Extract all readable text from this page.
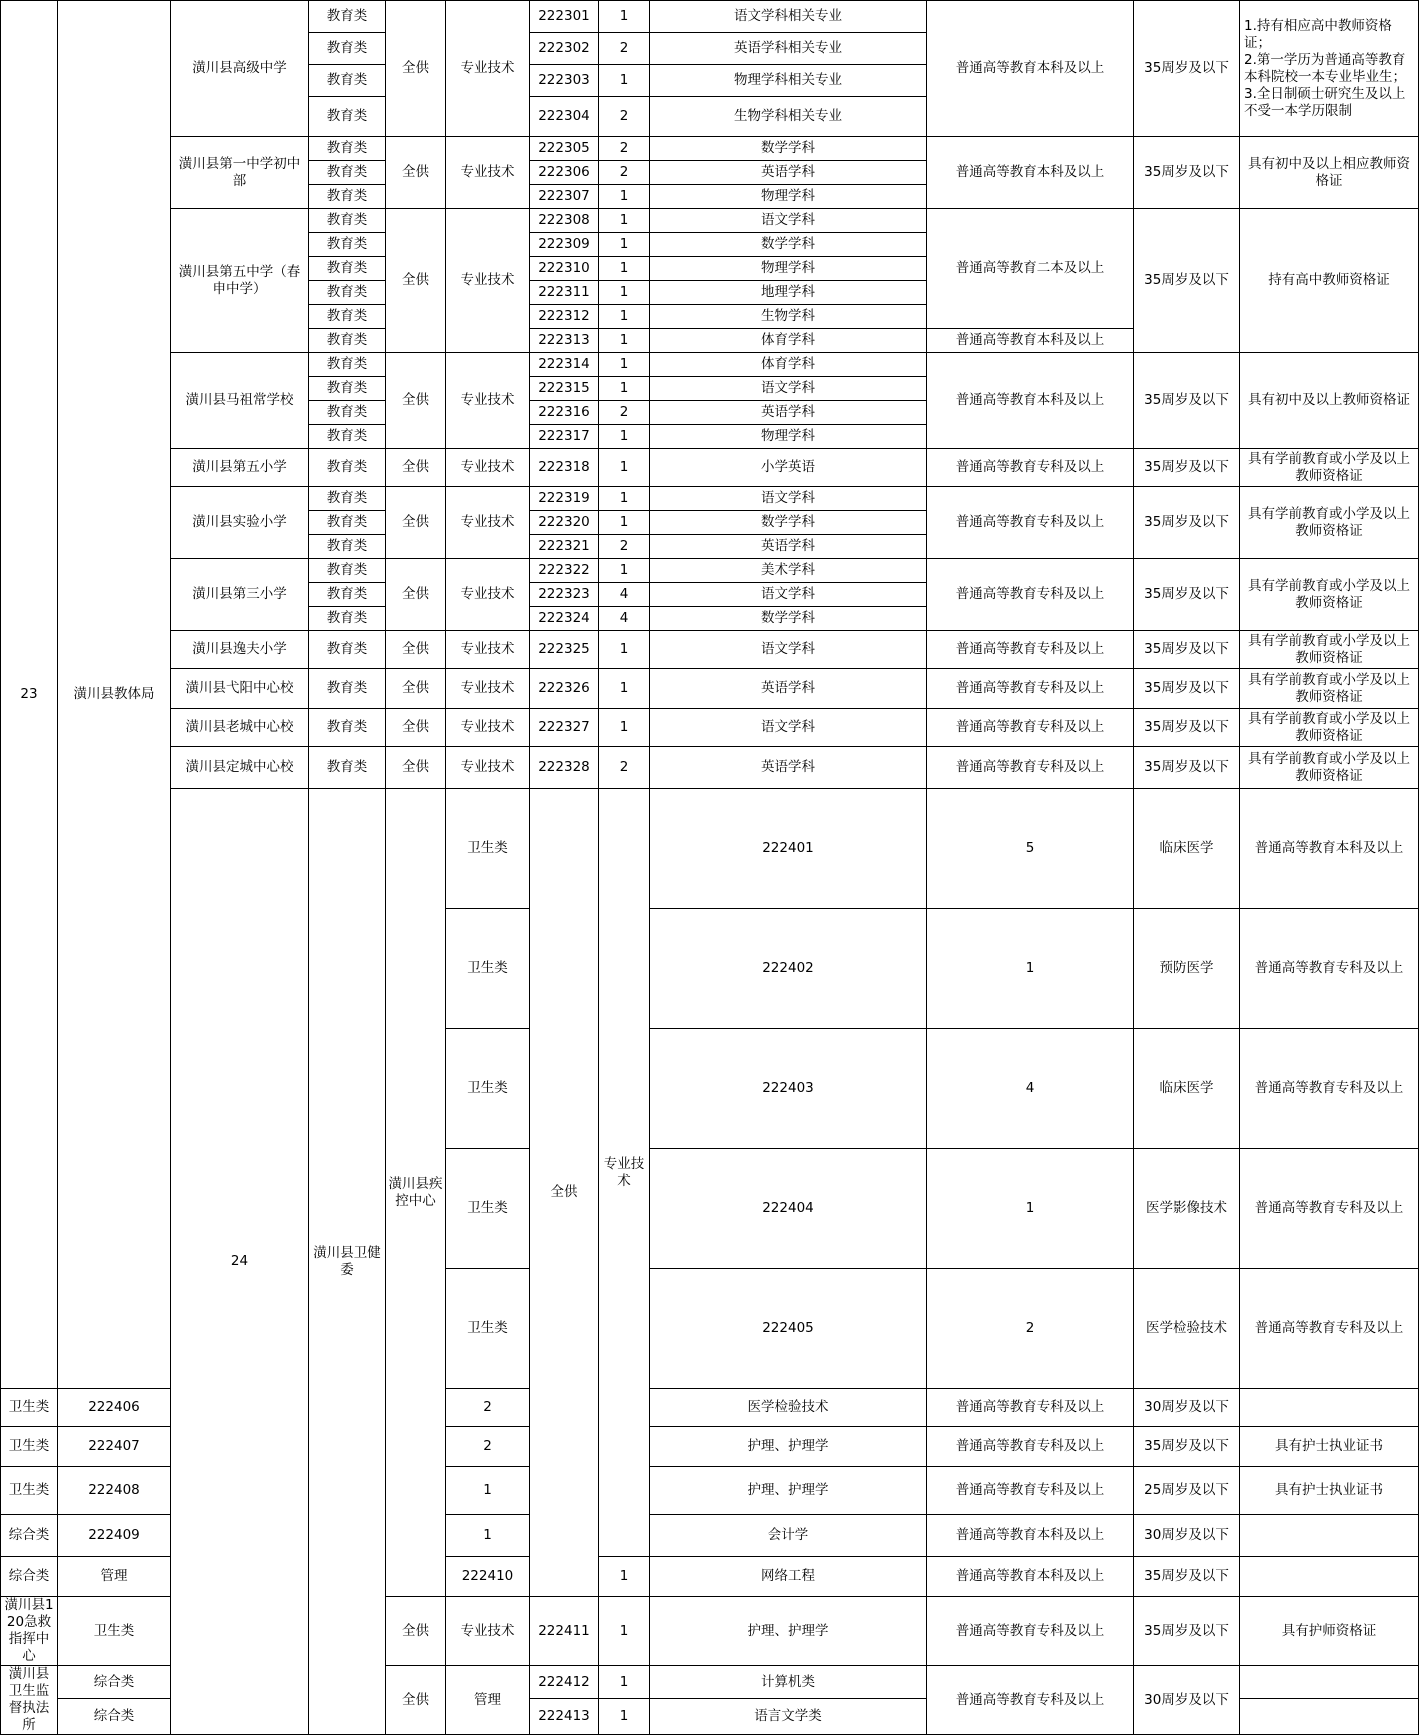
23	潢川县教体局	潢川县高级中学	教育类	全供	专业技术	222301	1	语文学科相关专业	普通高等教育本科及以上	35周岁及以下	1.持有相应高中教师资格证；
2.第一学历为普通高等教育本科院校一本专业毕业生；3.全日制硕士研究生及以上不受一本学历限制	
			教育类			222302	2	英语学科相关专业				
			教育类			222303	1	物理学科相关专业				
			教育类			222304	2	生物学科相关专业				
		潢川县第一中学初中部	教育类	全供	专业技术	222305	2	数学学科	普通高等教育本科及以上	35周岁及以下	具有初中及以上相应教师资格证	
			教育类			222306	2	英语学科				
			教育类			222307	1	物理学科				
		潢川县第五中学（春申中学）	教育类	全供	专业技术	222308	1	语文学科	普通高等教育二本及以上	35周岁及以下	持有高中教师资格证	
			教育类			222309	1	数学学科				
			教育类			222310	1	物理学科				
			教育类			222311	1	地理学科				
			教育类			222312	1	生物学科				
			教育类			222313	1	体育学科	普通高等教育本科及以上			
		潢川县马祖常学校	教育类	全供	专业技术	222314	1	体育学科	普通高等教育本科及以上	35周岁及以下	具有初中及以上教师资格证	
			教育类			222315	1	语文学科				
			教育类			222316	2	英语学科				
			教育类			222317	1	物理学科				
		潢川县第五小学	教育类	全供	专业技术	222318	1	小学英语	普通高等教育专科及以上	35周岁及以下	具有学前教育或小学及以上教师资格证	
		潢川县实验小学	教育类	全供	专业技术	222319	1	语文学科	普通高等教育专科及以上	35周岁及以下	具有学前教育或小学及以上教师资格证	
			教育类			222320	1	数学学科				
			教育类			222321	2	英语学科				
		潢川县第三小学	教育类	全供	专业技术	222322	1	美术学科	普通高等教育专科及以上	35周岁及以下	具有学前教育或小学及以上教师资格证	
			教育类			222323	4	语文学科				
			教育类			222324	4	数学学科				
		潢川县逸夫小学	教育类	全供	专业技术	222325	1	语文学科	普通高等教育专科及以上	35周岁及以下	具有学前教育或小学及以上教师资格证	
		潢川县弋阳中心校	教育类	全供	专业技术	222326	1	英语学科	普通高等教育专科及以上	35周岁及以下	具有学前教育或小学及以上教师资格证	
		潢川县老城中心校	教育类	全供	专业技术	222327	1	语文学科	普通高等教育专科及以上	35周岁及以下	具有学前教育或小学及以上教师资格证	
		潢川县定城中心校	教育类	全供	专业技术	222328	2	英语学科	普通高等教育专科及以上	35周岁及以下	具有学前教育或小学及以上教师资格证	
		24	潢川县卫健委	潢川县疾控中心	卫生类	全供	专业技术	222401	5	临床医学	普通高等教育本科及以上		
					卫生类			222402	1	预防医学	普通高等教育专科及以上		
					卫生类			222403	4	临床医学	普通高等教育专科及以上		
					卫生类			222404	1	医学影像技术	普通高等教育专科及以上		
					卫生类			222405	2	医学检验技术	普通高等教育专科及以上		
卫生类	222406				2			医学检验技术	普通高等教育专科及以上	30周岁及以下		
卫生类	222407				2			护理、护理学	普通高等教育专科及以上	35周岁及以下	具有护士执业证书	
卫生类	222408				1			护理、护理学	普通高等教育专科及以上	25周岁及以下	具有护士执业证书	
综合类	222409				1			会计学	普通高等教育本科及以上	30周岁及以下		
综合类	管理				222410		1	网络工程	普通高等教育本科及以上	35周岁及以下		
潢川县120急救指挥中心	卫生类			全供	专业技术	222411	1	护理、护理学	普通高等教育专科及以上	35周岁及以下	具有护师资格证	
潢川县卫生监督执法所	综合类			全供	管理	222412	1	计算机类	普通高等教育专科及以上	30周岁及以下		
	综合类					222413	1	语言文学类				
